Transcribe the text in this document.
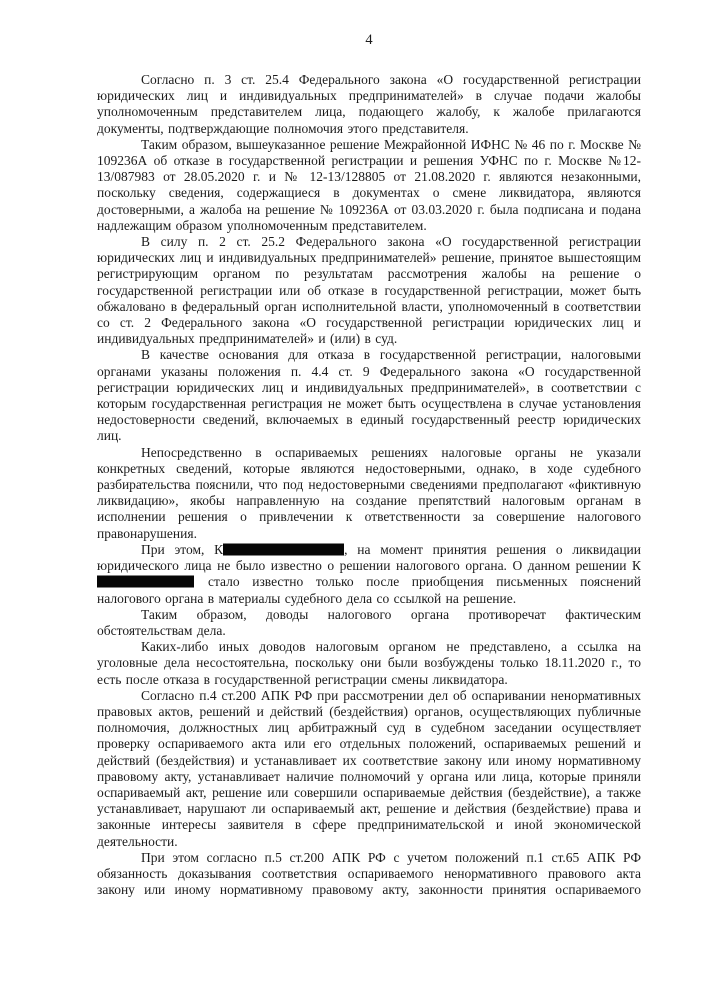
4

Согласно п. 3 ст. 25.4 Федерального закона «О государственной регистрации юридических лиц и индивидуальных предпринимателей» в случае подачи жалобы уполномоченным представителем лица, подающего жалобу, к жалобе прилагаются документы, подтверждающие полномочия этого представителя.

Таким образом, вышеуказанное решение Межрайонной ИФНС № 46 по г. Москве № 109236А об отказе в государственной регистрации и решения УФНС по г. Москве №12-13/087983 от 28.05.2020 г. и № 12-13/128805 от 21.08.2020 г. являются незаконными, поскольку сведения, содержащиеся в документах о смене ликвидатора, являются достоверными, а жалоба на решение № 109236А от 03.03.2020 г. была подписана и подана надлежащим образом уполномоченным представителем.

В силу п. 2 ст. 25.2 Федерального закона «О государственной регистрации юридических лиц и индивидуальных предпринимателей» решение, принятое вышестоящим регистрирующим органом по результатам рассмотрения жалобы на решение о государственной регистрации или об отказе в государственной регистрации, может быть обжаловано в федеральный орган исполнительной власти, уполномоченный в соответствии со ст. 2 Федерального закона «О государственной регистрации юридических лиц и индивидуальных предпринимателей» и (или) в суд.

В качестве основания для отказа в государственной регистрации, налоговыми органами указаны положения п. 4.4 ст. 9 Федерального закона «О государственной регистрации юридических лиц и индивидуальных предпринимателей», в соответствии с которым государственная регистрация не может быть осуществлена в случае установления недостоверности сведений, включаемых в единый государственный реестр юридических лиц.

Непосредственно в оспариваемых решениях налоговые органы не указали конкретных сведений, которые являются недостоверными, однако, в ходе судебного разбирательства пояснили, что под недостоверными сведениями предполагают «фиктивную ликвидацию», якобы направленную на создание препятствий налоговым органам в исполнении решения о привлечении к ответственности за совершение налогового правонарушения.

При этом, К	, на момент принятия решения о ликвидации юридического лица не было известно о решении налогового органа. О данном решении Кстало известно только после приобщения письменных пояснений налогового органа в материалы судебного дела со ссылкой на решение.

Таким образом, доводы налогового органа противоречат фактическим обстоятельствам дела.

Каких-либо иных доводов налоговым органом не представлено, а ссылка на уголовные дела несостоятельна, поскольку они были возбуждены только 18.11.2020 г., то есть после отказа в государственной регистрации смены ликвидатора.

Согласно п.4 ст.200 АПК РФ при рассмотрении дел об оспаривании ненормативных правовых актов, решений и действий (бездействия) органов, осуществляющих публичные полномочия, должностных лиц арбитражный суд в судебном заседании осуществляет проверку оспариваемого акта или его отдельных положений, оспариваемых решений и действий (бездействия) и устанавливает их соответствие закону или иному нормативному правовому акту, устанавливает наличие полномочий у органа или лица, которые приняли оспариваемый акт, решение или совершили оспариваемые действия (бездействие), а также устанавливает, нарушают ли оспариваемый акт, решение и действия (бездействие) права и законные интересы заявителя в сфере предпринимательской и иной экономической деятельности.

При этом согласно п.5 ст.200 АПК РФ с учетом положений п.1 ст.65 АПК РФ обязанность доказывания соответствия оспариваемого ненормативного правового акта закону или иному нормативному правовому акту, законности принятия оспариваемого
